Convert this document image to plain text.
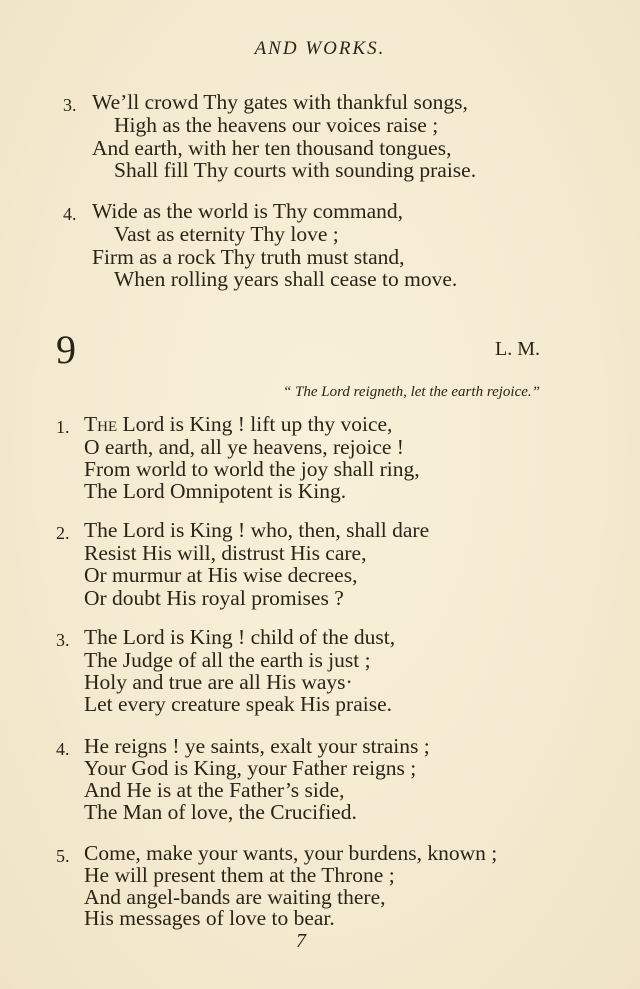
AND WORKS.
3. We’ll crowd Thy gates with thankful songs,
High as the heavens our voices raise ;
And earth, with her ten thousand tongues,
Shall fill Thy courts with sounding praise.
4. Wide as the world is Thy command,
Vast as eternity Thy love ;
Firm as a rock Thy truth must stand,
When rolling years shall cease to move.
9	L. M.
“ The Lord reigneth, let the earth rejoice.”
1. The Lord is King ! lift up thy voice,
O earth, and, all ye heavens, rejoice !
From world to world the joy shall ring,
The Lord Omnipotent is King.
2. The Lord is King ! who, then, shall dare
Resist His will, distrust His care,
Or murmur at His wise decrees,
Or doubt His royal promises ?
3. The Lord is King ! child of the dust,
The Judge of all the earth is just ;
Holy and true are all His ways·
Let every creature speak His praise.
4. He reigns ! ye saints, exalt your strains ;
Your God is King, your Father reigns ;
And He is at the Father’s side,
The Man of love, the Crucified.
5. Come, make your wants, your burdens, known ;
He will present them at the Throne ;
And angel-bands are waiting there,
His messages of love to bear.
7
